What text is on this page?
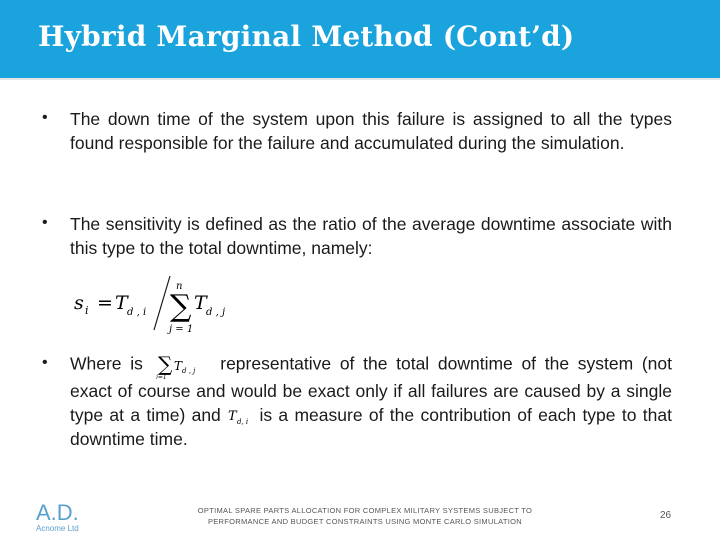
Hybrid Marginal Method (Cont’d)
• The down time of the system upon this failure is assigned to all the types found responsible for the failure and accumulated during the simulation.

• The sensitivity is defined as the ratio of the average downtime associate with this type to the total downtime, namely:

s i = T d , i
n
∑
j = 1
T d , j
• Where is ∑ T d , j
j=1
representative of the total downtime of the system (not exact of course and would be exact only if all failures are caused by a single type at a time) and T d, i is a measure of the contribution of each type to that downtime time.

A.D.
Acnome Ltd
OPTIMAL SPARE PARTS ALLOCATION FOR COMPLEX MILITARY SYSTEMS SUBJECT TO
PERFORMANCE AND BUDGET CONSTRAINTS USING MONTE CARLO SIMULATION
26
